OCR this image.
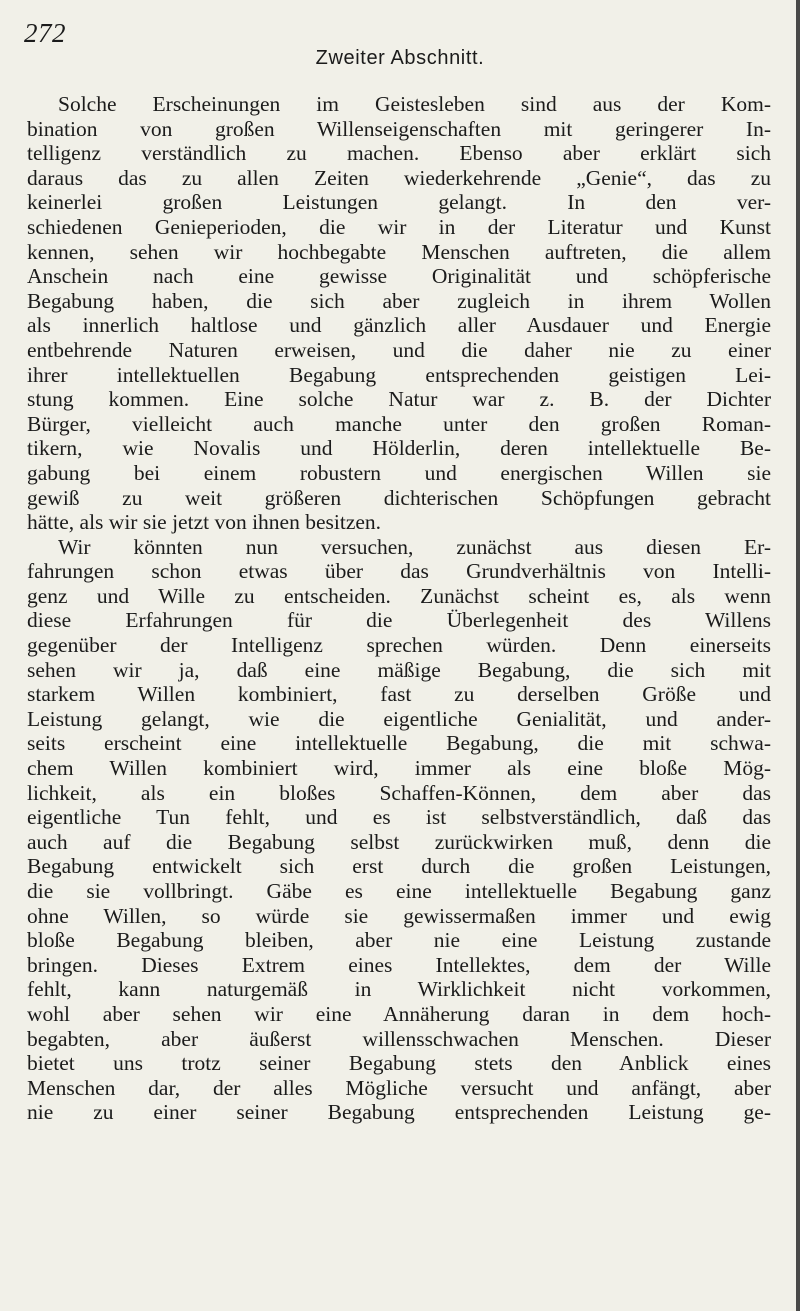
272
Zweiter Abschnitt.
Solche Erscheinungen im Geistesleben sind aus der Kom-
bination von großen Willenseigenschaften mit geringerer In-
telligenz verständlich zu machen. Ebenso aber erklärt sich
daraus das zu allen Zeiten wiederkehrende „Genie“, das zu
keinerlei großen Leistungen gelangt. In den ver-
schiedenen Genieperioden, die wir in der Literatur und Kunst
kennen, sehen wir hochbegabte Menschen auftreten, die allem
Anschein nach eine gewisse Originalität und schöpferische
Begabung haben, die sich aber zugleich in ihrem Wollen
als innerlich haltlose und gänzlich aller Ausdauer und Energie
entbehrende Naturen erweisen, und die daher nie zu einer
ihrer intellektuellen Begabung entsprechenden geistigen Lei-
stung kommen. Eine solche Natur war z. B. der Dichter
Bürger, vielleicht auch manche unter den großen Roman-
tikern, wie Novalis und Hölderlin, deren intellektuelle Be-
gabung bei einem robustern und energischen Willen sie
gewiß zu weit größeren dichterischen Schöpfungen gebracht
hätte, als wir sie jetzt von ihnen besitzen.
Wir könnten nun versuchen, zunächst aus diesen Er-
fahrungen schon etwas über das Grundverhältnis von Intelli-
genz und Wille zu entscheiden. Zunächst scheint es, als wenn
diese Erfahrungen für die Überlegenheit des Willens
gegenüber der Intelligenz sprechen würden. Denn einerseits
sehen wir ja, daß eine mäßige Begabung, die sich mit
starkem Willen kombiniert, fast zu derselben Größe und
Leistung gelangt, wie die eigentliche Genialität, und ander-
seits erscheint eine intellektuelle Begabung, die mit schwa-
chem Willen kombiniert wird, immer als eine bloße Mög-
lichkeit, als ein bloßes Schaffen-Können, dem aber das
eigentliche Tun fehlt, und es ist selbstverständlich, daß das
auch auf die Begabung selbst zurückwirken muß, denn die
Begabung entwickelt sich erst durch die großen Leistungen,
die sie vollbringt. Gäbe es eine intellektuelle Begabung ganz
ohne Willen, so würde sie gewissermaßen immer und ewig
bloße Begabung bleiben, aber nie eine Leistung zustande
bringen. Dieses Extrem eines Intellektes, dem der Wille
fehlt, kann naturgemäß in Wirklichkeit nicht vorkommen,
wohl aber sehen wir eine Annäherung daran in dem hoch-
begabten, aber äußerst willensschwachen Menschen. Dieser
bietet uns trotz seiner Begabung stets den Anblick eines
Menschen dar, der alles Mögliche versucht und anfängt, aber
nie zu einer seiner Begabung entsprechenden Leistung ge-
